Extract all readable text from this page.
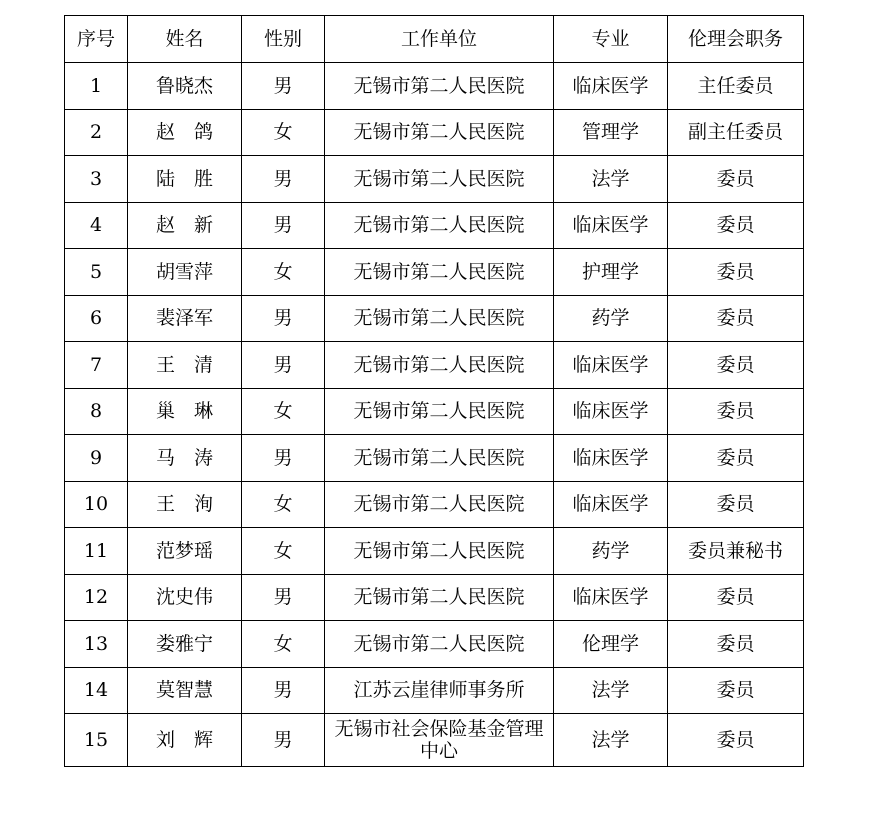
序号	姓名	性别	工作单位	专业	伦理会职务
1	鲁晓杰	男	无锡市第二人民医院	临床医学	主任委员
2	赵　鸽	女	无锡市第二人民医院	管理学	副主任委员
3	陆　胜	男	无锡市第二人民医院	法学	委员
4	赵　新	男	无锡市第二人民医院	临床医学	委员
5	胡雪萍	女	无锡市第二人民医院	护理学	委员
6	裴泽军	男	无锡市第二人民医院	药学	委员
7	王　清	男	无锡市第二人民医院	临床医学	委员
8	巢　琳	女	无锡市第二人民医院	临床医学	委员
9	马　涛	男	无锡市第二人民医院	临床医学	委员
10	王　洵	女	无锡市第二人民医院	临床医学	委员
11	范梦瑶	女	无锡市第二人民医院	药学	委员兼秘书
12	沈史伟	男	无锡市第二人民医院	临床医学	委员
13	娄雅宁	女	无锡市第二人民医院	伦理学	委员
14	莫智慧	男	江苏云崖律师事务所	法学	委员
15	刘　辉	男	无锡市社会保险基金管理中心	法学	委员
